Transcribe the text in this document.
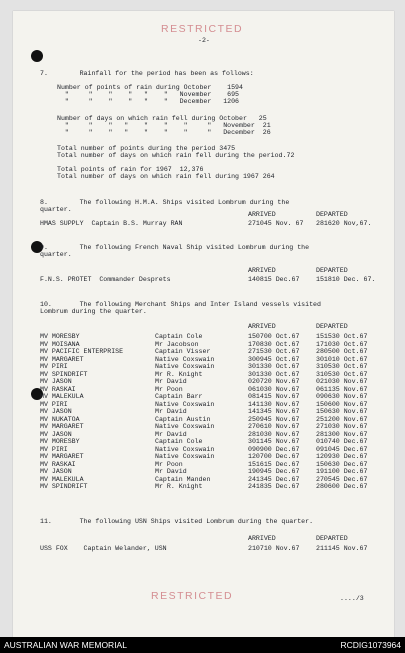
RESTRICTED
-2-
7.        Rainfall for the period has been as follows:
Number of points of rain during October    1594
"     "    "    "   "    "   November    695
"     "    "    "   "    "   December   1206
Number of days on which rain fell during October   25
"     "    "   "    "    "    "     "   November  21
"     "    "   "    "    "    "     "   December  26
Total number of points during the period 3475
Total number of days on which rain fell during the period.72
Total points of rain for 1967  12,376
Total number of days on which rain fell during 1967 264
8.        The following H.M.A. Ships visited Lombrum during the
quarter.
ARRIVED	DEPARTED
HMAS SUPPLY  Captain B.S. Murray RAN	271045 Nov. 67 281620 Nov,67.
9.        The following French Naval Ship visited Lombrum during the
quarter.
ARRIVED	DEPARTED
F.N.S. PROTET  Commander Desprets	140815 Dec.67	151810 Dec. 67.
10.       The following Merchant Ships and Inter Island vessels visited
Lombrum during the quarter.
ARRIVED	DEPARTED
MV MORESBY	Captain Cole	150700 Oct.67	151530 Oct.67
MV MOISANA	Mr Jacobson	170830 Oct.67	171030 Oct.67
MV PACIFIC ENTERPRISE	Captain Visser	271530 Oct.67	280500 Oct.67
MV MARGARET	Native Coxswain	300945 Oct.67	301010 Oct.67
MV PIRI	Native Coxswain	301330 Oct.67	310530 Oct.67
MV SPINDRIFT	Mr R. Knight	301330 Oct.67	310530 Oct.67
MV JASON	Mr David	020720 Nov.67	021030 Nov.67
MV RASKAI	Mr Poon	061030 Nov.67	061135 Nov.67
MV MALEKULA	Captain Barr	081415 Nov.67	090630 Nov.67
MV PIRI	Native Coxswain	141130 Nov.67	150600 Nov.67
MV JASON	Mr David	141345 Nov.67	150630 Nov.67
MV NUKATOA	Captain Austin	250945 Nov.67	251200 Nov.67
MV MARGARET	Native Coxswain	270610 Nov.67	271030 Nov.67
MV JASON	Mr David	281030 Nov.67	281300 Nov.67
MV MORESBY	Captain Cole	301145 Nov.67	010740 Dec.67
MV PIRI	Native Coxswain	090900 Dec.67	091045 Dec.67
MV MARGARET	Native Coxswain	120700 Dec.67	120930 Dec.67
MV RASKAI	Mr Poon	151615 Dec.67	150630 Dec.67
MV JASON	Mr David	190945 Dec.67	191100 Dec.67
MV MALEKULA	Captain Manden	241345 Dec.67	270545 Dec.67
MV SPINDRIFT	Mr R. Knight	241835 Dec.67	280600 Dec.67
11.       The following USN Ships visited Lombrum during the quarter.
ARRIVED	DEPARTED
USS FOX    Captain Welander, USN	210710 Nov.67	211145 Nov.67
RESTRICTED	..../3
AUSTRALIAN WAR MEMORIAL	RCDIG1073964
